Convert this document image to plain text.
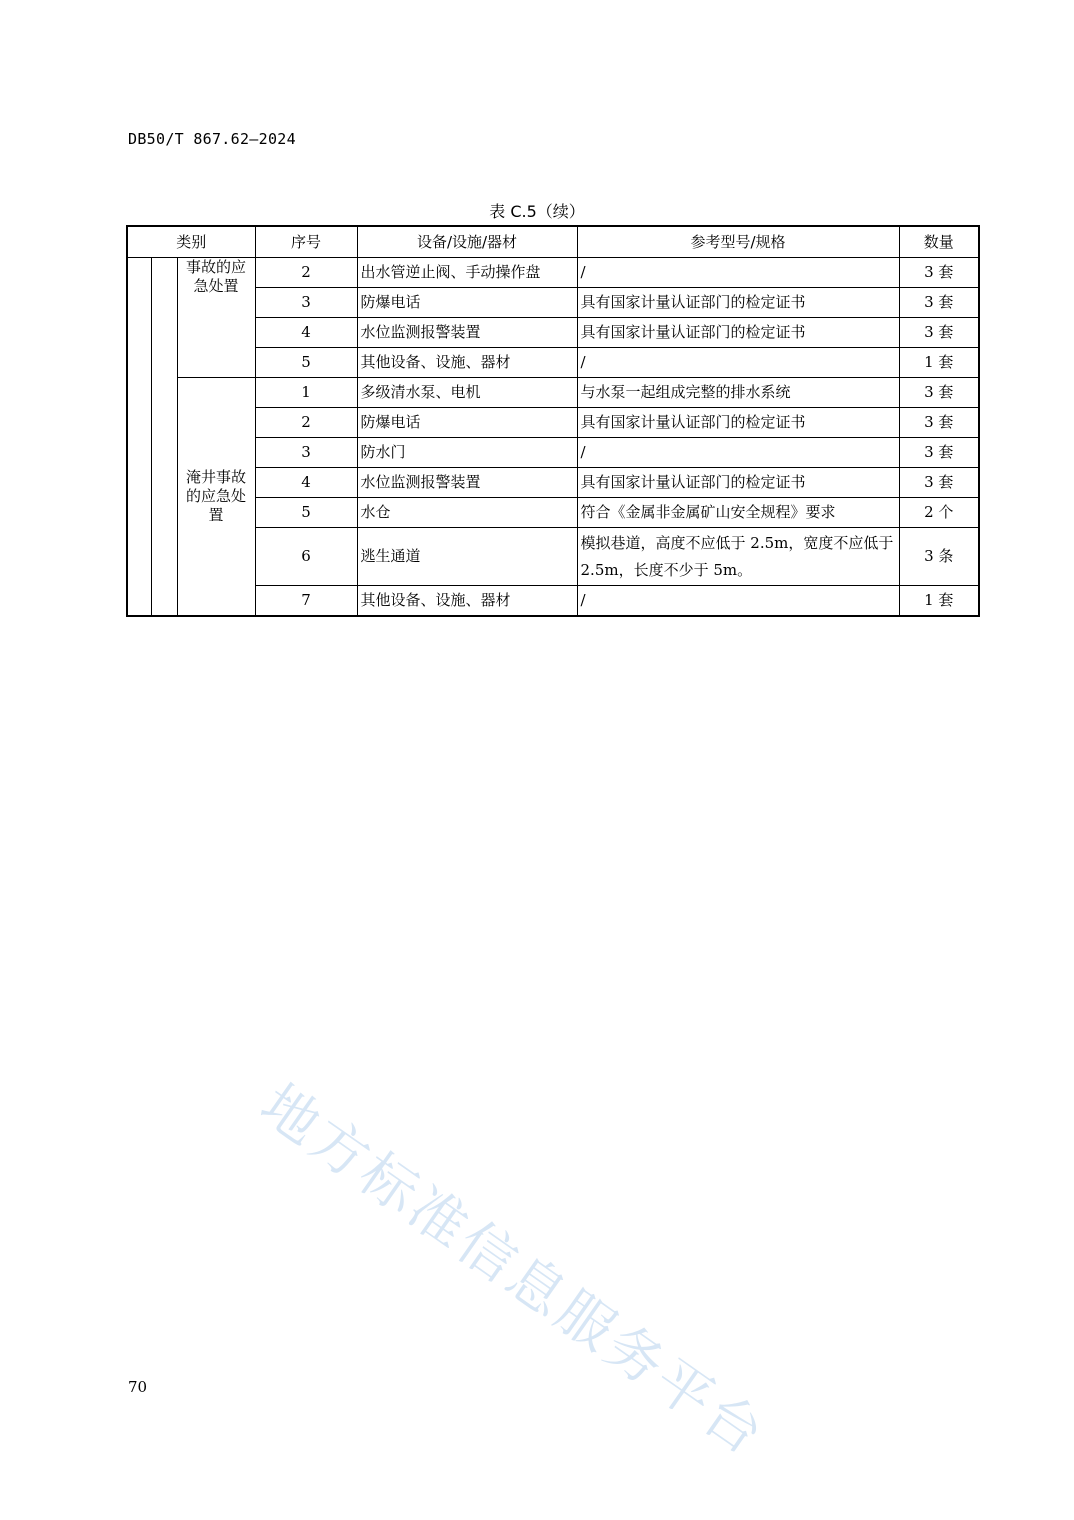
DB50/T 867.62—2024
表 C.5（续）
类别			序号	设备/设施/器材	参考型号/规格	数量
		事故的应急处置	2	出水管逆止阀、手动操作盘	/	3 套
			3	防爆电话	具有国家计量认证部门的检定证书	3 套
			4	水位监测报警装置	具有国家计量认证部门的检定证书	3 套
			5	其他设备、设施、器材	/	1 套
		淹井事故的应急处置	1	多级清水泵、电机	与水泵一起组成完整的排水系统	3 套
			2	防爆电话	具有国家计量认证部门的检定证书	3 套
			3	防水门	/	3 套
			4	水位监测报警装置	具有国家计量认证部门的检定证书	3 套
			5	水仓	符合《金属非金属矿山安全规程》要求	2 个
			6	逃生通道	模拟巷道，高度不应低于 2.5m，宽度不应低于 2.5m，长度不少于 5m。	3 条
			7	其他设备、设施、器材	/	1 套
地方标准信息服务平台
70
